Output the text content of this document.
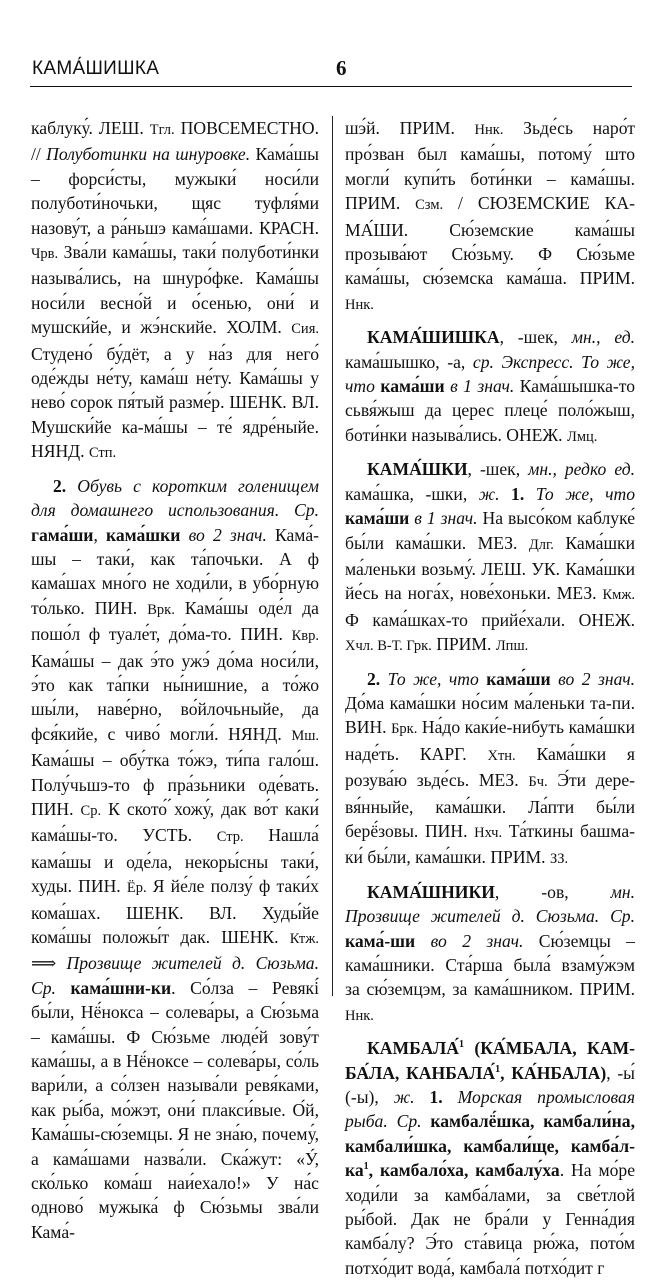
КАМА́ШИШКА	6

каблуку́. ЛЕШ. Тгл. ПОВСЕМЕСТНО. // Полуботинки на шнуровке. Кама́шы – форси́сты, мужыки́ носи́ли полуботи́ночьки, щяс туфля́ми назову́т, а ра́ньшэ кама́шами. КРАСН. Чрв. Зва́ли кама́шы, таки́ полуботи́нки называ́лись, на шнуро́фке. Кама́шы носи́ли весно́й и о́сенью, они́ и мушски́йе, и жэ́нскийе. ХОЛМ. Сия. Студено́ бу́дёт, а у на́з для него́ оде́жды не́ту, кама́ш не́ту. Кама́шы у нево́ сорок пя́тый разме́р. ШЕНК. ВЛ. Мушски́йе ка-ма́шы – те́ ядре́ныйе. НЯНД. Стп.

2. Обувь с коротким голенищем для домашнего использования. Ср. гама́ши, кама́шки во 2 знач. Кама́-шы – таки́, как та́почьки. А ф кама́шах мно́го не ходи́ли, в убо́рную то́лько. ПИН. Врк. Кама́шы оде́л да пошо́л ф туале́т, до́ма-то. ПИН. Квр. Кама́шы – дак э́то ужэ́ до́ма носи́ли, э́то как та́пки ны́нишние, а то́жо шы́ли, наве́рно, во́йлочьныйе, да фся́кийе, с чиво́ могли́. НЯНД. Мш. Кама́шы – обу́тка то́жэ, ти́па гало́ш. Полу́чьшэ-то ф пра́зьники оде́вать. ПИН. Ср. К ското́ ́хожу́, дак во́т каки́ кама́шы-то. УСТЬ. Стр. Нашла́ кама́шы и оде́ла, некоры́сны таки́, худы. ПИН. Ёр. Я йе́ле ползу́ ф таки́х кома́шах. ШЕНК. ВЛ. Худы́йе кома́шы положы́т дак. ШЕНК. Ктж. ⟹ Прозвище жителей д. Сюзьма. Ср. кама́шни-ки. Со́лза – Ревякі́ бы́ли, Нё́нокса – солева́ры, а Сю́зьма – кама́шы. Ф Сю́зьме люде́й зову́т кама́шы, а в Нё́ноксе – солева́ры, со́ль вари́ли, а со́лзен называ́ли ревя́ками, как ры́ба, мо́жэт, они́ плакси́вые. О́й, Кама́шы-сю́земцы. Я не зна́ю, почему́, а кама́шами назва́ли. Ска́жут: «У́, ско́лько кома́ш наи́ехало!» У на́с одново́ мужыка́ ф Сю́зьмы зва́ли Кама́-

шэ́й. ПРИМ. Ннк. Зьде́сь наро́т про́зван был кама́шы, потому́ што могли́ купи́ть боти́нки – кама́шы. ПРИМ. Сзм. / СЮЗЕМСКИЕ КА-МА́ШИ. Сю́земские кама́шы прозыва́ют Сю́зьму. Ф Сю́зьме кама́шы, сю́земска кама́ша. ПРИМ. Ннк.

КАМА́ШИШКА, -шек, мн., ед. кама́шышко, -а, ср. Экспресс. То же, что кама́ши в 1 знач. Кама́шышка-то сьвя́жыш да церес плеце́ поло́жыш, боти́нки называ́лись. ОНЕЖ. Лмц.

КАМА́ШКИ, -шек, мн., редко ед. кама́шка, -шки, ж. 1. То же, что кама́ши в 1 знач. На высо́ком каблуке́ бы́ли кама́шки. МЕЗ. Длг. Кама́шки ма́леньки возьму́. ЛЕШ. УК. Кама́шки йе́сь на нога́х, нове́хоньки. МЕЗ. Кмж. Ф кама́шках-то прийе́хали. ОНЕЖ. Хчл. В-Т. Грк. ПРИМ. Лпш.

2. То же, что кама́ши во 2 знач. До́ма кама́шки но́сим ма́леньки та-пи. ВИН. Брк. На́до каки́е-нибуть кама́шки наде́ть. КАРГ. Хтн. Кама́шки я розува́ю зьде́сь. МЕЗ. Бч. Э́ти дере-вя́нныйе, кама́шки. Ла́пти бы́ли берё́зовы. ПИН. Нхч. Та́ткины башма-ки́ бы́ли, кама́шки. ПРИМ. ЗЗ.

КАМА́ШНИКИ, -ов, мн. Прозвище жителей д. Сюзьма. Ср. кама́-ши во 2 знач. Сю́земцы – кама́шники. Ста́рша была́ взаму́жэм за сю́земцэм, за кама́шником. ПРИМ. Ннк.

КАМБАЛА́$^1$ (КА́МБАЛА, КАМ-БА́ЛА, КАНБАЛА́$^1$, КА́НБАЛА), -ы́ (-ы), ж. 1. Морская промысловая рыба. Ср. камбалё́шка, камбали́на, камбали́шка, камбали́ще, $камба́л-ка^1$, камбало́ха, камбалу́ха. На мо́ре ходи́ли за камба́лами, за све́тлой ры́бой. Дак не бра́ли у Генна́дия камба́лу? Э́то ста́вица рю́жа, пото́м потхо́дит вода́, камбала́ потхо́дит г
